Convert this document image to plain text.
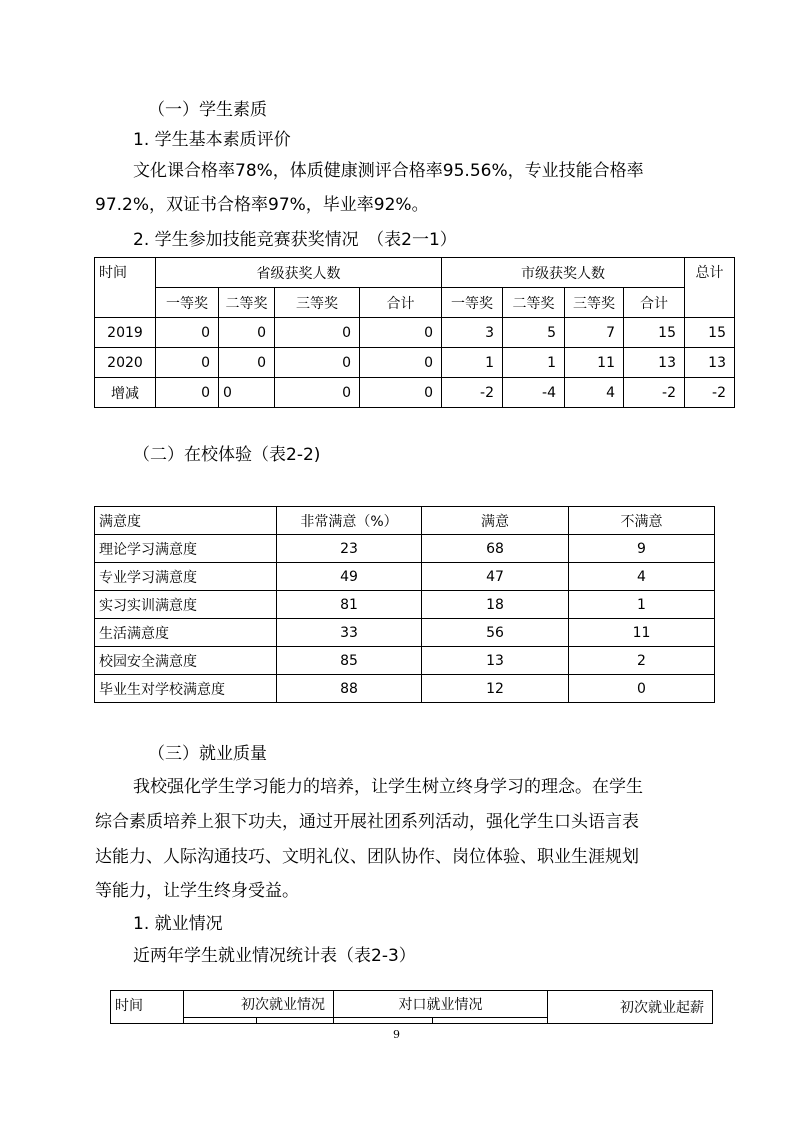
（一）学生素质
1. 学生基本素质评价
文化课合格率78%，体质健康测评合格率95.56%，专业技能合格率
97.2%，双证书合格率97%，毕业率92%。
2. 学生参加技能竞赛获奖情况　（表2一1）
时间	省级获奖人数				市级获奖人数				总计
	一等奖	二等奖	三等奖	合计	一等奖	二等奖	三等奖	合计	
2019	0	0	0	0	3	5	7	15	15
2020	0	0	0	0	1	1	11	13	13
增减	0	0	0	0	-2	-4	4	-2	-2
（二）在校体验（表2-2)
满意度	非常满意（%）	满意	不满意
理论学习满意度	23	68	9
专业学习满意度	49	47	4
实习实训满意度	81	18	1
生活满意度	33	56	11
校园安全满意度	85	13	2
毕业生对学校满意度	88	12	0
（三）就业质量
我校强化学生学习能力的培养，让学生树立终身学习的理念。在学生
综合素质培养上狠下功夫，通过开展社团系列活动，强化学生口头语言表
达能力、人际沟通技巧、文明礼仪、团队协作、岗位体验、职业生涯规划
等能力，让学生终身受益。
1. 就业情况
近两年学生就业情况统计表（表2-3）
时间	初次就业情况		对口就业情况		初次就业起薪

9
